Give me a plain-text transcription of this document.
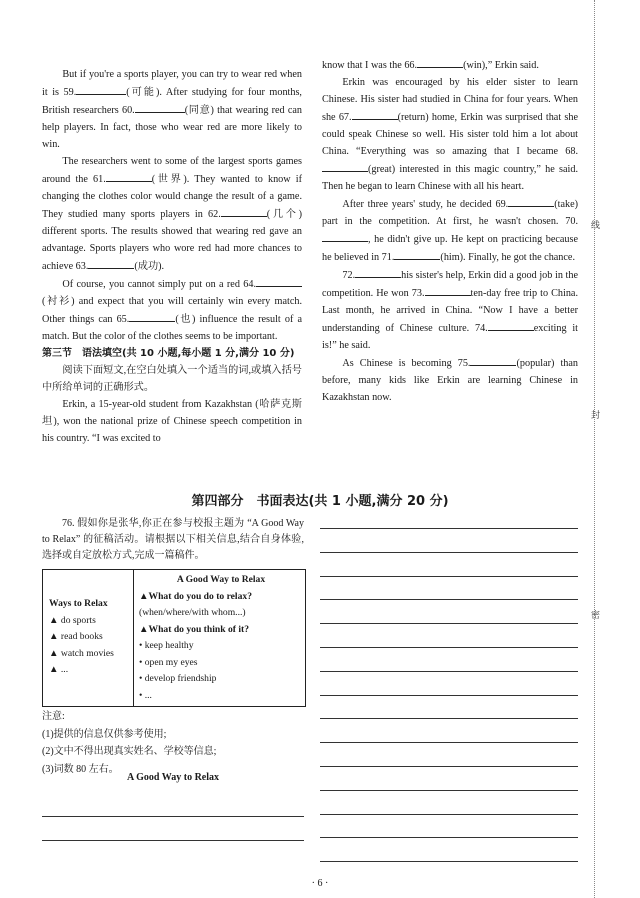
But if you're a sports player, you can try to wear red when it is 59.	(可能). After studying for four months, British researchers 60.	(同意) that wearing red can help players. In fact, those who wear red are more likely to win.

The researchers went to some of the largest sports games around the 61.	(世界). They wanted to know if changing the clothes color would change the result of a game. They studied many sports players in 62.	(几个) different sports. The results showed that wearing red gave an advantage. Sports players who wore red had more chances to achieve 63.	(成功).

Of course, you cannot simply put on a red 64.(衬衫) and expect that you will certainly win every match. Other things can 65.	(也) influence the result of a match. But the color of the clothes seems to be important.

第三节　语法填空(共 10 小题,每小题 1 分,满分 10 分)

阅读下面短文,在空白处填入一个适当的词,或填入括号中所给单词的正确形式。

Erkin, a 15-year-old student from Kazakhstan (哈萨克斯坦), won the national prize of Chinese speech competition in his country. “I was excited to

know that I was the 66.	(win),” Erkin said.

Erkin was encouraged by his elder sister to learn Chinese. His sister had studied in China for four years. When she 67.	(return) home, Erkin was surprised that she could speak Chinese so well. His sister told him a lot about China. “Everything was so amazing that I became 68.(great) interested in this magic country,” he said. Then he began to learn Chinese with all his heart.

After three years' study, he decided 69.	(take) part in the competition. At first, he wasn't chosen. 70., he didn't give up. He kept on practicing because he believed in 71.	(him). Finally, he got the chance.

72.	his sister's help, Erkin did a good job in the competition. He won 73.	ten-day free trip to China. Last month, he arrived in China. “Now I have a better understanding of Chinese culture. 74.	exciting it is!” he said.

As Chinese is becoming 75.	(popular) than before, many kids like Erkin are learning Chinese in Kazakhstan now.

第四部分　书面表达(共 1 小题,满分 20 分)

76. 假如你是张华,你正在参与校报主题为 “A Good Way to Relax” 的征稿活动。请根据以下相关信息,结合自身体验,选择或自定放松方式,完成一篇稿件。

Ways to Relax
▲ do sports
▲ read books
▲ watch movies
▲ ...
A Good Way to Relax
▲What do you do to relax?
(when/where/with whom...)
▲What do you think of it?
• keep healthy
• open my eyes
• develop friendship
• ...
注意:
(1)提供的信息仅供参考使用;
(2)文中不得出现真实姓名、学校等信息;
(3)词数 80 左右。
A Good Way to Relax
· 6 ·
线
封
密
